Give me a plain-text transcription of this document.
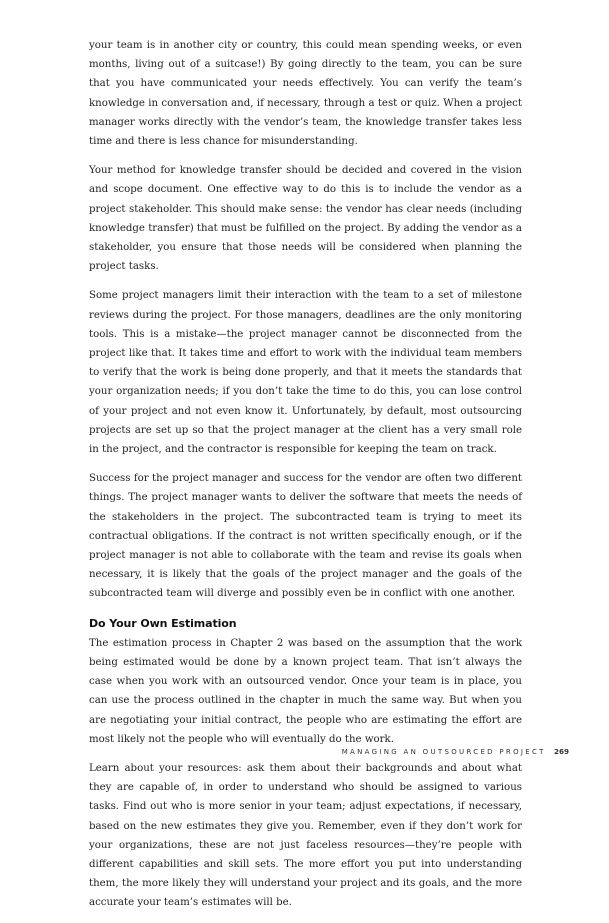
your team is in another city or country, this could mean spending weeks, or even months, living out of a suitcase!) By going directly to the team, you can be sure that you have communicated your needs effectively. You can verify the team’s knowledge in conversation and, if necessary, through a test or quiz. When a project manager works directly with the vendor’s team, the knowledge transfer takes less time and there is less chance for misunderstanding.

Your method for knowledge transfer should be decided and covered in the vision and scope document. One effective way to do this is to include the vendor as a project stakeholder. This should make sense: the vendor has clear needs (including knowledge transfer) that must be fulfilled on the project. By adding the vendor as a stakeholder, you ensure that those needs will be considered when planning the project tasks.

Some project managers limit their interaction with the team to a set of milestone reviews during the project. For those managers, deadlines are the only monitoring tools. This is a mistake—the project manager cannot be disconnected from the project like that. It takes time and effort to work with the individual team members to verify that the work is being done properly, and that it meets the standards that your organization needs; if you don’t take the time to do this, you can lose control of your project and not even know it. Unfortunately, by default, most outsourcing projects are set up so that the project manager at the client has a very small role in the project, and the contractor is responsible for keeping the team on track.

Success for the project manager and success for the vendor are often two different things. The project manager wants to deliver the software that meets the needs of the stakeholders in the project. The subcontracted team is trying to meet its contractual obligations. If the contract is not written specifically enough, or if the project manager is not able to collaborate with the team and revise its goals when necessary, it is likely that the goals of the project manager and the goals of the subcontracted team will diverge and possibly even be in conflict with one another.

Do Your Own Estimation

The estimation process in Chapter 2 was based on the assumption that the work being estimated would be done by a known project team. That isn’t always the case when you work with an outsourced vendor. Once your team is in place, you can use the process outlined in the chapter in much the same way. But when you are negotiating your initial contract, the people who are estimating the effort are most likely not the people who will eventually do the work.

Learn about your resources: ask them about their backgrounds and about what they are capable of, in order to understand who should be assigned to various tasks. Find out who is more senior in your team; adjust expectations, if necessary, based on the new estimates they give you. Remember, even if they don’t work for your organizations, these are not just faceless resources—they’re people with different capabilities and skill sets. The more effort you put into understanding them, the more likely they will understand your project and its goals, and the more accurate your team’s estimates will be.

MANAGING AN OUTSOURCED PROJECT 269
